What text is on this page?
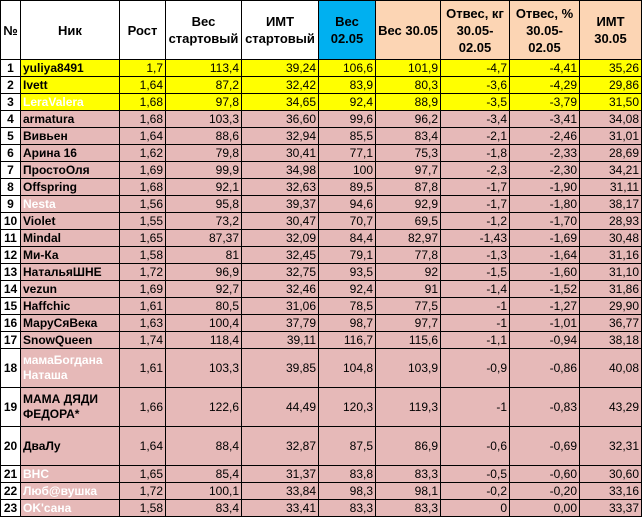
№	Ник	Рост	Вес стартовый	ИМТ стартовый	Вес 02.05	Вес 30.05	Отвес, кг 30.05-02.05	Отвес, % 30.05-02.05	ИМТ 30.05
1	yuliya8491	1,7	113,4	39,24	106,6	101,9	-4,7	-4,41	35,26
2	Ivett	1,64	87,2	32,42	83,9	80,3	-3,6	-4,29	29,86
3	LeraValera	1,68	97,8	34,65	92,4	88,9	-3,5	-3,79	31,50
4	armatura	1,68	103,3	36,60	99,6	96,2	-3,4	-3,41	34,08
5	Вивьен	1,64	88,6	32,94	85,5	83,4	-2,1	-2,46	31,01
6	Арина 16	1,62	79,8	30,41	77,1	75,3	-1,8	-2,33	28,69
7	ПростоОля	1,69	99,9	34,98	100	97,7	-2,3	-2,30	34,21
8	Offspring	1,68	92,1	32,63	89,5	87,8	-1,7	-1,90	31,11
9	Nesta	1,56	95,8	39,37	94,6	92,9	-1,7	-1,80	38,17
10	Violet	1,55	73,2	30,47	70,7	69,5	-1,2	-1,70	28,93
11	Mindal	1,65	87,37	32,09	84,4	82,97	-1,43	-1,69	30,48
12	Ми-Ка	1,58	81	32,45	79,1	77,8	-1,3	-1,64	31,16
13	НатальяШНЕ	1,72	96,9	32,75	93,5	92	-1,5	-1,60	31,10
14	vezun	1,69	92,7	32,46	92,4	91	-1,4	-1,52	31,86
15	Haffchic	1,61	80,5	31,06	78,5	77,5	-1	-1,27	29,90
16	МаруСяВека	1,63	100,4	37,79	98,7	97,7	-1	-1,01	36,77
17	SnowQueen	1,74	118,4	39,11	116,7	115,6	-1,1	-0,94	38,18
18	мамаБогдана Наташа	1,61	103,3	39,85	104,8	103,9	-0,9	-0,86	40,08
19	МАМА ДЯДИ ФЕДОРА*	1,66	122,6	44,49	120,3	119,3	-1	-0,83	43,29
20	ДваЛу	1,64	88,4	32,87	87,5	86,9	-0,6	-0,69	32,31
21	ВНС	1,65	85,4	31,37	83,8	83,3	-0,5	-0,60	30,60
22	Люб@вушка	1,72	100,1	33,84	98,3	98,1	-0,2	-0,20	33,16
23	OK'сана	1,58	83,4	33,41	83,3	83,3	0	0,00	33,37
